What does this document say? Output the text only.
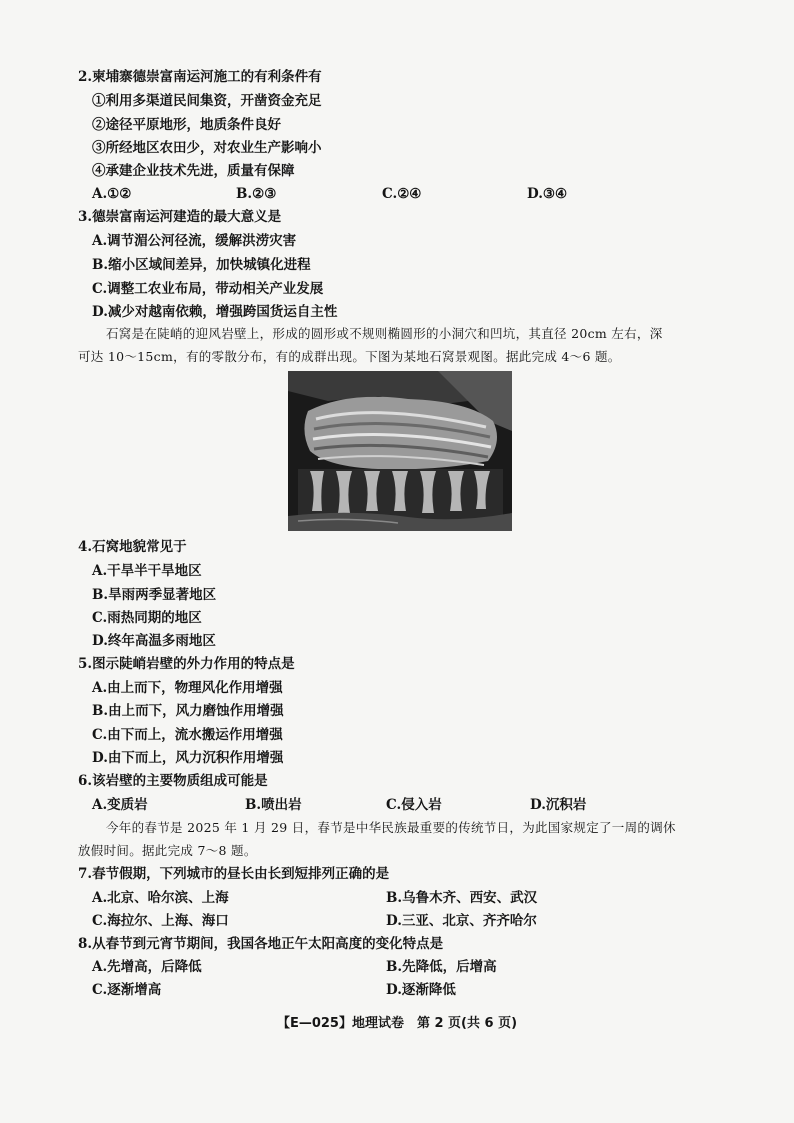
2.柬埔寨德崇富南运河施工的有利条件有
①利用多渠道民间集资，开凿资金充足
②途径平原地形，地质条件良好
③所经地区农田少，对农业生产影响小
④承建企业技术先进，质量有保障
A.①②	B.②③	C.②④	D.③④
3.德崇富南运河建造的最大意义是
A.调节湄公河径流，缓解洪涝灾害
B.缩小区域间差异，加快城镇化进程
C.调整工农业布局，带动相关产业发展
D.减少对越南依赖，增强跨国货运自主性
石窝是在陡峭的迎风岩壁上，形成的圆形或不规则椭圆形的小洞穴和凹坑，其直径 20cm 左右，深
可达 10～15cm，有的零散分布，有的成群出现。下图为某地石窝景观图。据此完成 4～6 题。
4.石窝地貌常见于
A.干旱半干旱地区
B.旱雨两季显著地区
C.雨热同期的地区
D.终年高温多雨地区
5.图示陡峭岩壁的外力作用的特点是
A.由上而下，物理风化作用增强
B.由上而下，风力磨蚀作用增强
C.由下而上，流水搬运作用增强
D.由下而上，风力沉积作用增强
6.该岩壁的主要物质组成可能是
A.变质岩	B.喷出岩	C.侵入岩	D.沉积岩
今年的春节是 2025 年 1 月 29 日，春节是中华民族最重要的传统节日，为此国家规定了一周的调休
放假时间。据此完成 7～8 题。
7.春节假期，下列城市的昼长由长到短排列正确的是
A.北京、哈尔滨、上海	B.乌鲁木齐、西安、武汉
C.海拉尔、上海、海口	D.三亚、北京、齐齐哈尔
8.从春节到元宵节期间，我国各地正午太阳高度的变化特点是
A.先增高，后降低	B.先降低，后增高
C.逐渐增高	D.逐渐降低
【E—025】地理试卷　第 2 页(共 6 页)
